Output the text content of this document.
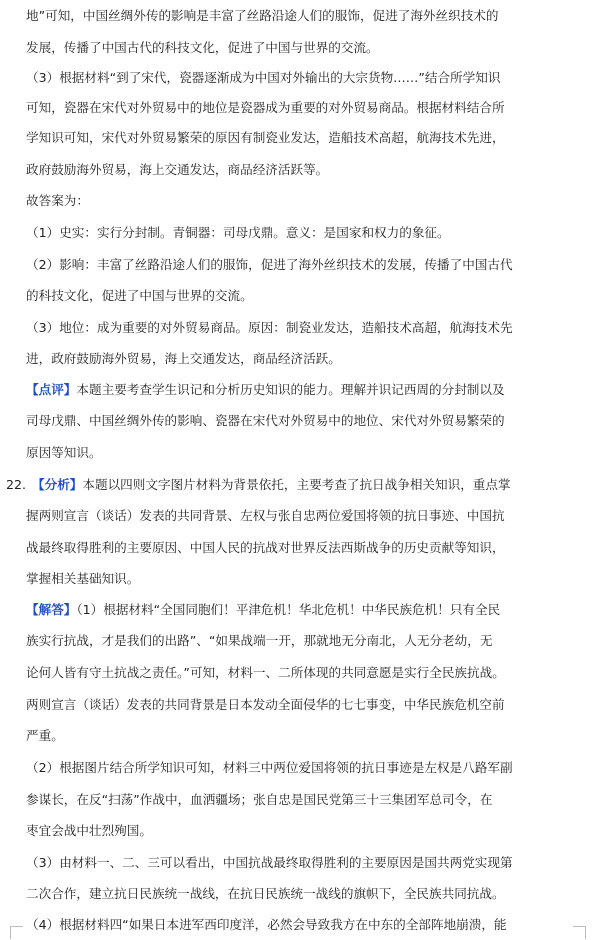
地”可知，中国丝绸外传的影响是丰富了丝路沿途人们的服饰，促进了海外丝织技术的
发展，传播了中国古代的科技文化，促进了中国与世界的交流。
（3）根据材料“到了宋代，瓷器逐渐成为中国对外输出的大宗货物……”结合所学知识
可知，瓷器在宋代对外贸易中的地位是瓷器成为重要的对外贸易商品。根据材料结合所
学知识可知，宋代对外贸易繁荣的原因有制瓷业发达，造船技术高超，航海技术先进，
政府鼓励海外贸易，海上交通发达，商品经济活跃等。
故答案为：
（1）史实：实行分封制。青铜器：司母戊鼎。意义：是国家和权力的象征。
（2）影响：丰富了丝路沿途人们的服饰，促进了海外丝织技术的发展，传播了中国古代
的科技文化，促进了中国与世界的交流。
（3）地位：成为重要的对外贸易商品。原因：制瓷业发达，造船技术高超，航海技术先
进，政府鼓励海外贸易，海上交通发达，商品经济活跃。
【点评】本题主要考查学生识记和分析历史知识的能力。理解并识记西周的分封制以及
司母戊鼎、中国丝绸外传的影响、瓷器在宋代对外贸易中的地位、宋代对外贸易繁荣的
原因等知识。
22. 【分析】本题以四则文字图片材料为背景依托，主要考查了抗日战争相关知识，重点掌
握两则宣言（谈话）发表的共同背景、左权与张自忠两位爱国将领的抗日事迹、中国抗
战最终取得胜利的主要原因、中国人民的抗战对世界反法西斯战争的历史贡献等知识，
掌握相关基础知识。
【解答】（1）根据材料“全国同胞们！平津危机！华北危机！中华民族危机！只有全民
族实行抗战，才是我们的出路”、“如果战端一开，那就地无分南北，人无分老幼，无
论何人皆有守土抗战之责任。”可知，材料一、二所体现的共同意愿是实行全民族抗战。
两则宣言（谈话）发表的共同背景是日本发动全面侵华的七七事变，中华民族危机空前
严重。
（2）根据图片结合所学知识可知，材料三中两位爱国将领的抗日事迹是左权是八路军副
参谋长，在反“扫荡”作战中，血洒疆场；张自忠是国民党第三十三集团军总司令，在
枣宜会战中壮烈殉国。
（3）由材料一、二、三可以看出，中国抗战最终取得胜利的主要原因是国共两党实现第
二次合作，建立抗日民族统一战线，在抗日民族统一战线的旗帜下，全民族共同抗战。
（4）根据材料四“如果日本进军西印度洋，必然会导致我方在中东的全部阵地崩溃，能
